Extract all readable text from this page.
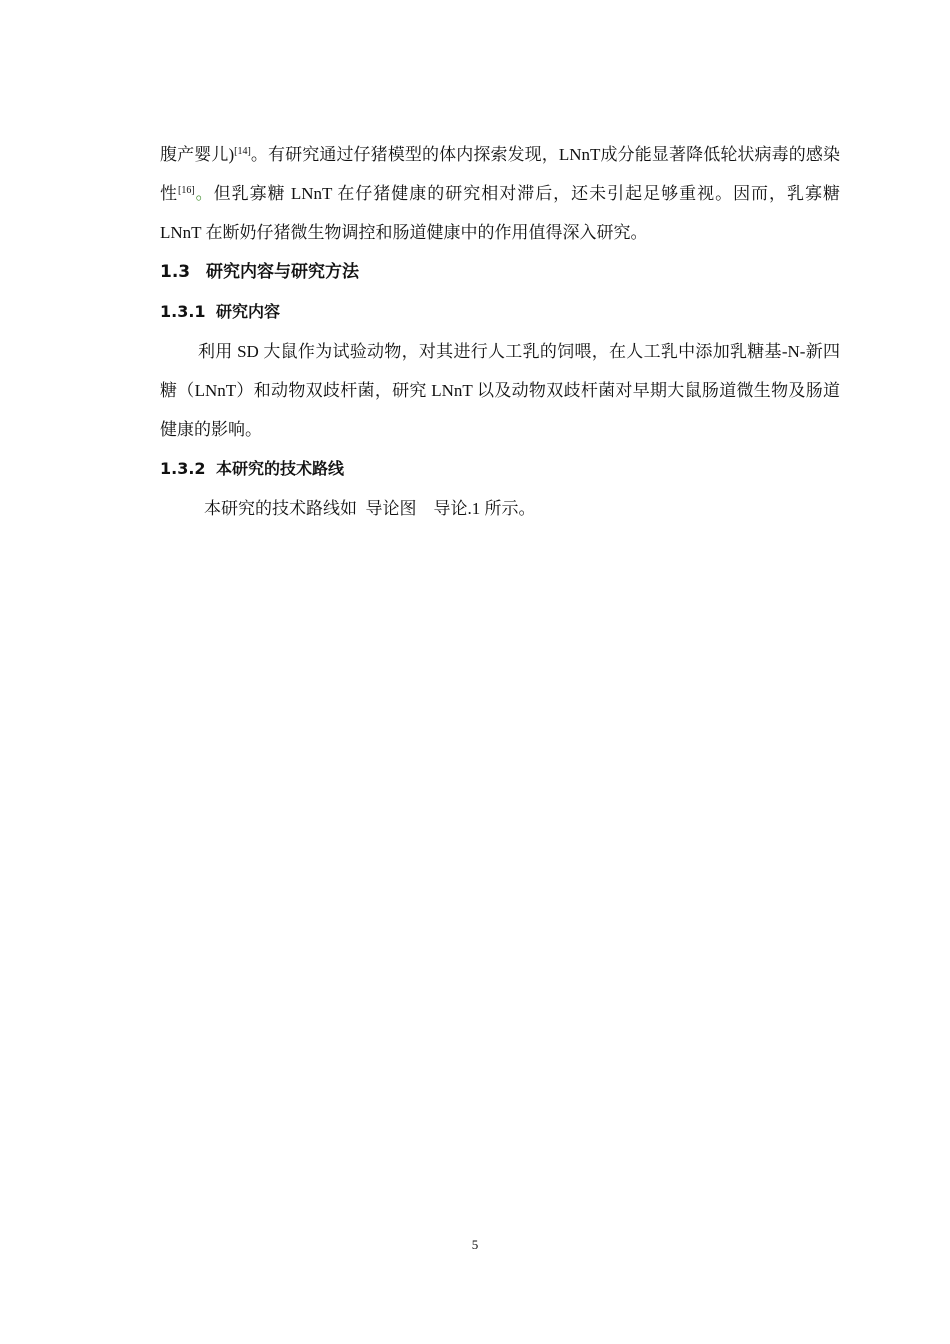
腹产婴儿)[14]。有研究通过仔猪模型的体内探索发现，LNnT成分能显著降低轮状病毒的感染性[16]。但乳寡糖 LNnT 在仔猪健康的研究相对滞后，还未引起足够重视。因而，乳寡糖 LNnT 在断奶仔猪微生物调控和肠道健康中的作用值得深入研究。

1.3 研究内容与研究方法
1.3.1 研究内容

利用 SD 大鼠作为试验动物，对其进行人工乳的饲喂，在人工乳中添加乳糖基-N-新四糖（LNnT）和动物双歧杆菌，研究 LNnT 以及动物双歧杆菌对早期大鼠肠道微生物及肠道健康的影响。

1.3.2 本研究的技术路线

本研究的技术路线如  导论图    导论.1 所示。

5
